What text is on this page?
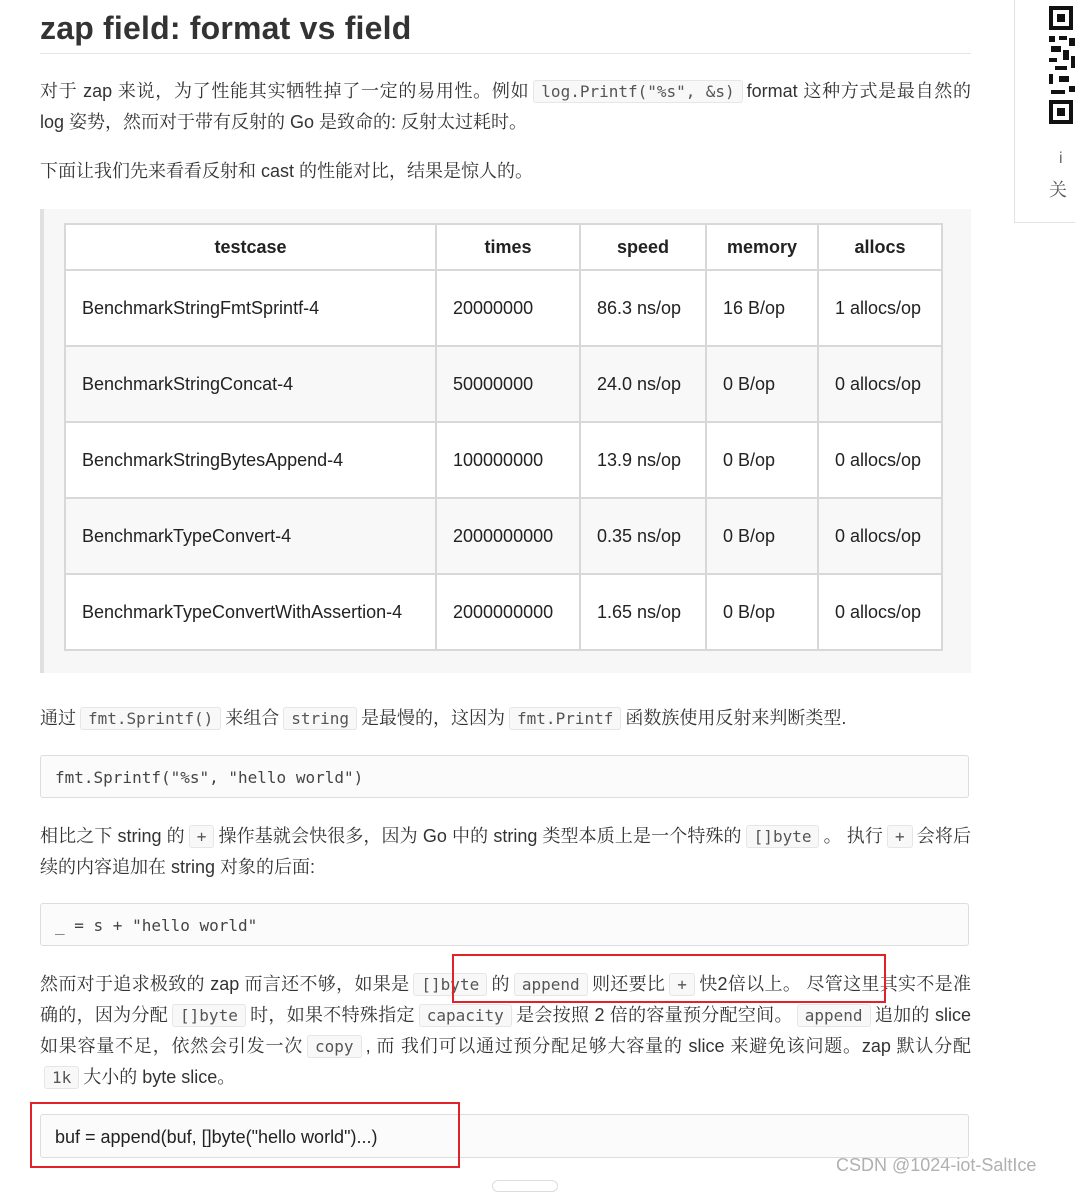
zap field: format vs field

对于 zap 来说，为了性能其实牺牲掉了一定的易用性。例如 log.Printf("%s", &s) format 这种方式是最自然的 log 姿势，然而对于带有反射的 Go 是致命的: 反射太过耗时。

下面让我们先来看看反射和 cast 的性能对比，结果是惊人的。

testcase	times	speed	memory	allocs
BenchmarkStringFmtSprintf-4	20000000	86.3 ns/op	16 B/op	1 allocs/op
BenchmarkStringConcat-4	50000000	24.0 ns/op	0 B/op	0 allocs/op
BenchmarkStringBytesAppend-4	100000000	13.9 ns/op	0 B/op	0 allocs/op
BenchmarkTypeConvert-4	2000000000	0.35 ns/op	0 B/op	0 allocs/op
BenchmarkTypeConvertWithAssertion-4	2000000000	1.65 ns/op	0 B/op	0 allocs/op

通过 fmt.Sprintf() 来组合 string 是最慢的，这因为 fmt.Printf 函数族使用反射来判断类型.

fmt.Sprintf("%s", "hello world")

相比之下 string 的 + 操作基就会快很多，因为 Go 中的 string 类型本质上是一个特殊的 []byte 。 执行 + 会将后续的内容追加在 string 对象的后面:

_ = s + "hello world"

然而对于追求极致的 zap 而言还不够，如果是 []byte 的 append 则还要比 + 快2倍以上。 尽管这里其实不是准确的，因为分配 []byte 时，如果不特殊指定 capacity 是会按照 2 倍的容量预分配空间。 append 追加的 slice 如果容量不足，依然会引发一次 copy , 而 我们可以通过预分配足够大容量的 slice 来避免该问题。zap 默认分配1k 大小的 byte slice。

buf = append(buf, []byte("hello world")...)
i
关
CSDN @1024-iot-SaltIce
